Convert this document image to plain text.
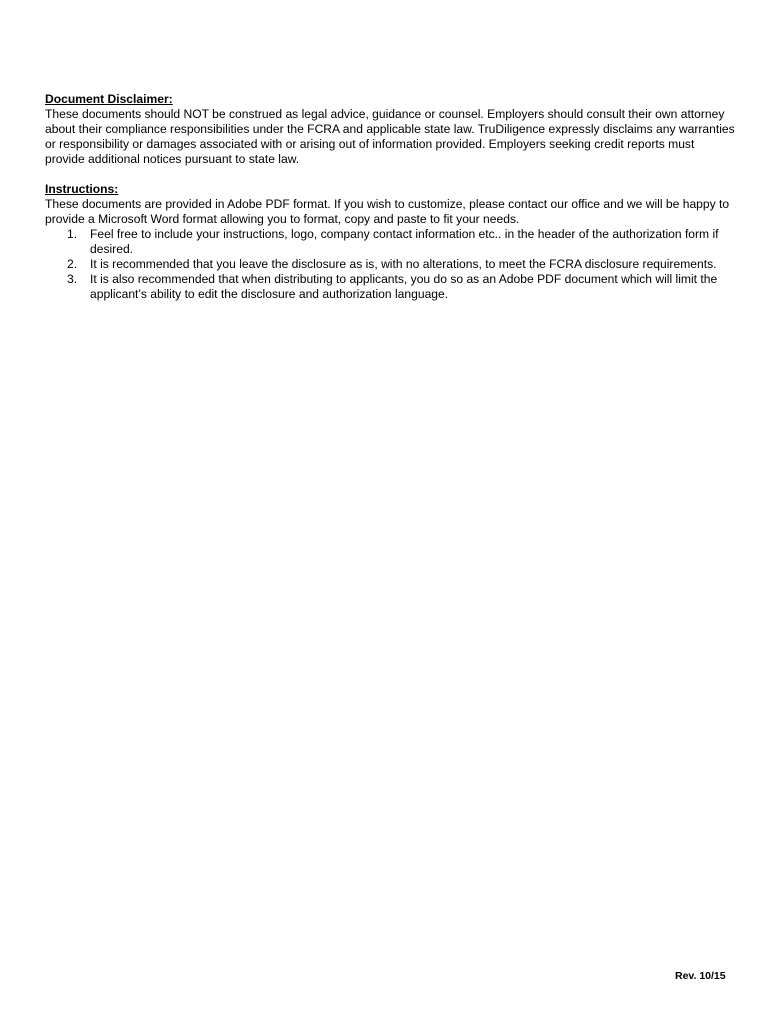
Document Disclaimer:

These documents should NOT be construed as legal advice, guidance or counsel. Employers should consult their own attorney about their compliance responsibilities under the FCRA and applicable state law. TruDiligence expressly disclaims any warranties or responsibility or damages associated with or arising out of information provided. Employers seeking credit reports must provide additional notices pursuant to state law.

Instructions:

These documents are provided in Adobe PDF format. If you wish to customize, please contact our office and we will be happy to provide a Microsoft Word format allowing you to format, copy and paste to fit your needs.

1. Feel free to include your instructions, logo, company contact information etc.. in the header of the authorization form if desired.
2. It is recommended that you leave the disclosure as is, with no alterations, to meet the FCRA disclosure requirements.
3. It is also recommended that when distributing to applicants, you do so as an Adobe PDF document which will limit the applicant’s ability to edit the disclosure and authorization language.
Rev. 10/15
